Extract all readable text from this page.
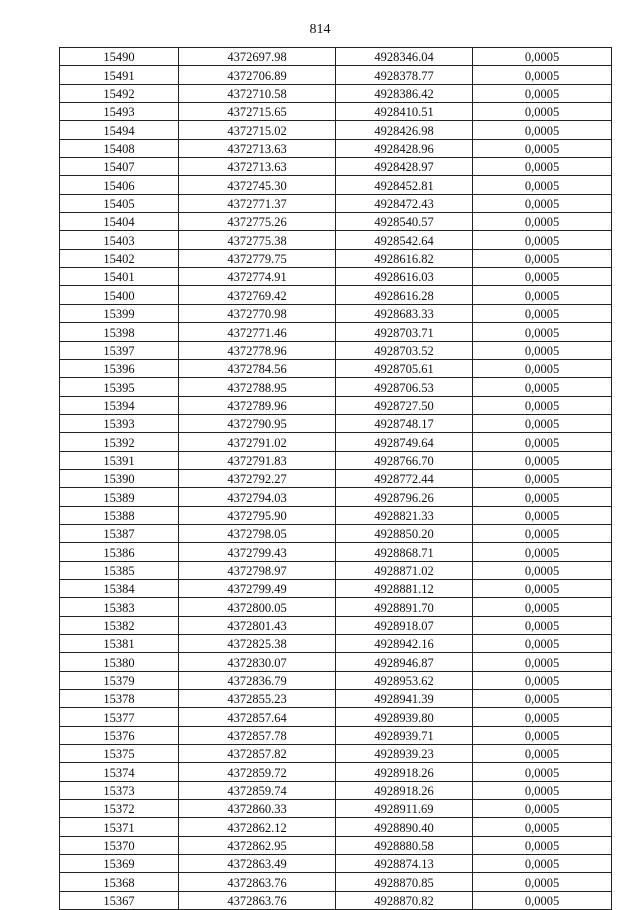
814
15490	4372697.98	4928346.04	0,0005
15491	4372706.89	4928378.77	0,0005
15492	4372710.58	4928386.42	0,0005
15493	4372715.65	4928410.51	0,0005
15494	4372715.02	4928426.98	0,0005
15408	4372713.63	4928428.96	0,0005
15407	4372713.63	4928428.97	0,0005
15406	4372745.30	4928452.81	0,0005
15405	4372771.37	4928472.43	0,0005
15404	4372775.26	4928540.57	0,0005
15403	4372775.38	4928542.64	0,0005
15402	4372779.75	4928616.82	0,0005
15401	4372774.91	4928616.03	0,0005
15400	4372769.42	4928616.28	0,0005
15399	4372770.98	4928683.33	0,0005
15398	4372771.46	4928703.71	0,0005
15397	4372778.96	4928703.52	0,0005
15396	4372784.56	4928705.61	0,0005
15395	4372788.95	4928706.53	0,0005
15394	4372789.96	4928727.50	0,0005
15393	4372790.95	4928748.17	0,0005
15392	4372791.02	4928749.64	0,0005
15391	4372791.83	4928766.70	0,0005
15390	4372792.27	4928772.44	0,0005
15389	4372794.03	4928796.26	0,0005
15388	4372795.90	4928821.33	0,0005
15387	4372798.05	4928850.20	0,0005
15386	4372799.43	4928868.71	0,0005
15385	4372798.97	4928871.02	0,0005
15384	4372799.49	4928881.12	0,0005
15383	4372800.05	4928891.70	0,0005
15382	4372801.43	4928918.07	0,0005
15381	4372825.38	4928942.16	0,0005
15380	4372830.07	4928946.87	0,0005
15379	4372836.79	4928953.62	0,0005
15378	4372855.23	4928941.39	0,0005
15377	4372857.64	4928939.80	0,0005
15376	4372857.78	4928939.71	0,0005
15375	4372857.82	4928939.23	0,0005
15374	4372859.72	4928918.26	0,0005
15373	4372859.74	4928918.26	0,0005
15372	4372860.33	4928911.69	0,0005
15371	4372862.12	4928890.40	0,0005
15370	4372862.95	4928880.58	0,0005
15369	4372863.49	4928874.13	0,0005
15368	4372863.76	4928870.85	0,0005
15367	4372863.76	4928870.82	0,0005
